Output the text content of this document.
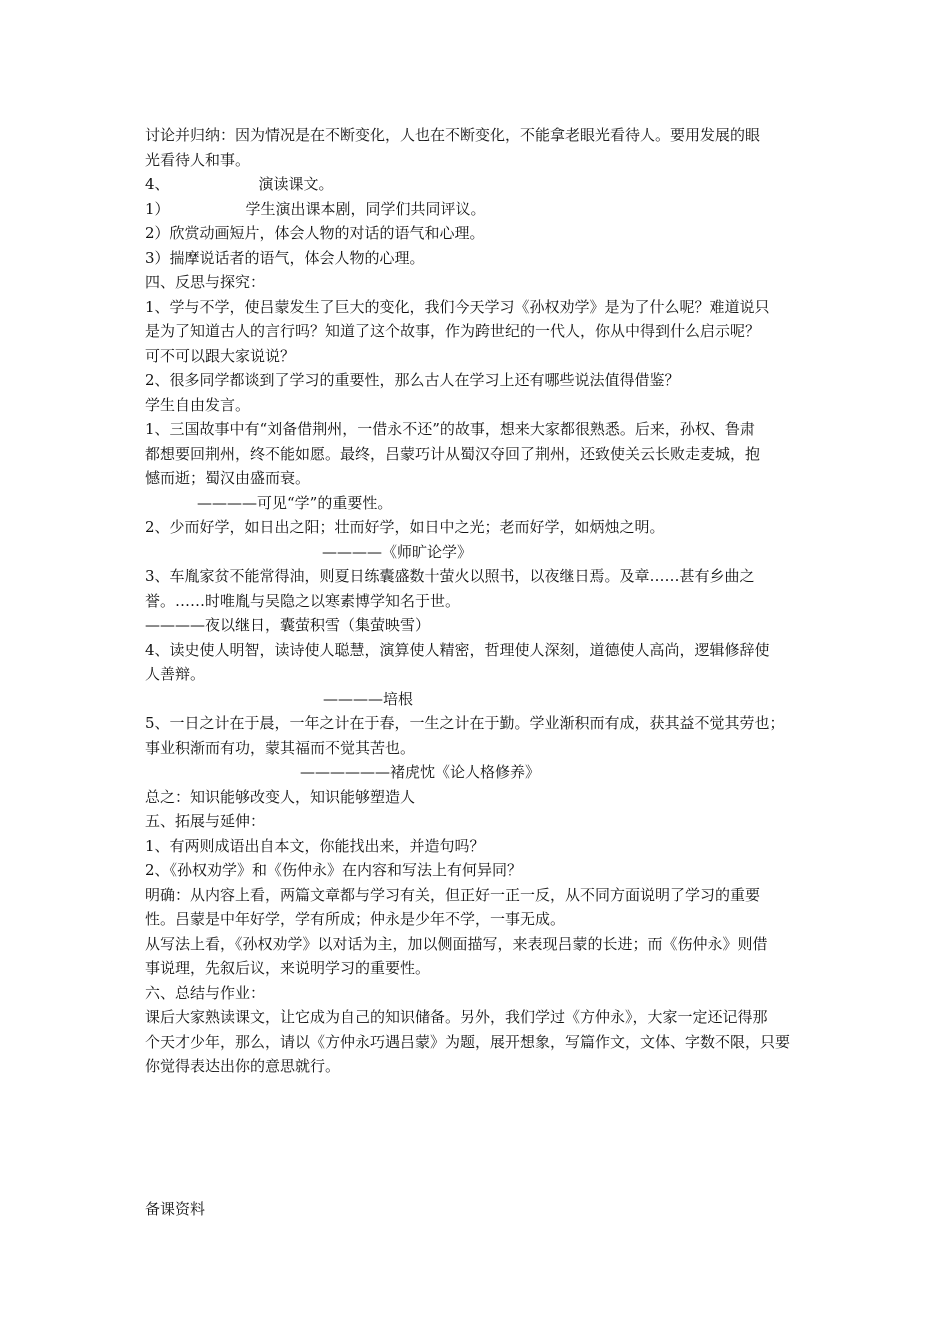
讨论并归纳：因为情况是在不断变化，人也在不断变化，不能拿老眼光看待人。要用发展的眼
光看待人和事。
4、	演读课文。
1）	学生演出课本剧，同学们共同评议。
2）欣赏动画短片，体会人物的对话的语气和心理。
3）揣摩说话者的语气，体会人物的心理。
四、反思与探究：
1、学与不学，使吕蒙发生了巨大的变化，我们今天学习《孙权劝学》是为了什么呢？难道说只
是为了知道古人的言行吗？知道了这个故事，作为跨世纪的一代人，你从中得到什么启示呢？
可不可以跟大家说说？
2、很多同学都谈到了学习的重要性，那么古人在学习上还有哪些说法值得借鉴？
学生自由发言。
1、三国故事中有“刘备借荆州，一借永不还”的故事，想来大家都很熟悉。后来，孙权、鲁肃
都想要回荆州，终不能如愿。最终，吕蒙巧计从蜀汉夺回了荆州，还致使关云长败走麦城，抱
憾而逝；蜀汉由盛而衰。
————可见“学”的重要性。
2、少而好学，如日出之阳；壮而好学，如日中之光；老而好学，如炳烛之明。
————《师旷论学》
3、车胤家贫不能常得油，则夏日练囊盛数十萤火以照书，以夜继日焉。及章……甚有乡曲之
誉。……时唯胤与吴隐之以寒素博学知名于世。
————夜以继日，囊萤积雪（集萤映雪）
4、读史使人明智，读诗使人聪慧，演算使人精密，哲理使人深刻，道德使人高尚，逻辑修辞使
人善辩。
————培根
5、一日之计在于晨，一年之计在于春，一生之计在于勤。学业渐积而有成，获其益不觉其劳也；
事业积渐而有功，蒙其福而不觉其苦也。
——————褚虎忱《论人格修养》
总之：知识能够改变人，知识能够塑造人
五、拓展与延伸：
1、有两则成语出自本文，你能找出来，并造句吗？
2、《孙权劝学》和《伤仲永》在内容和写法上有何异同？
明确：从内容上看，两篇文章都与学习有关，但正好一正一反，从不同方面说明了学习的重要
性。吕蒙是中年好学，学有所成；仲永是少年不学，一事无成。
从写法上看，《孙权劝学》以对话为主，加以侧面描写，来表现吕蒙的长进；而《伤仲永》则借
事说理，先叙后议，来说明学习的重要性。
六、总结与作业：
课后大家熟读课文，让它成为自己的知识储备。另外，我们学过《方仲永》，大家一定还记得那
个天才少年，那么，请以《方仲永巧遇吕蒙》为题，展开想象，写篇作文，文体、字数不限，只要
你觉得表达出你的意思就行。
备课资料
